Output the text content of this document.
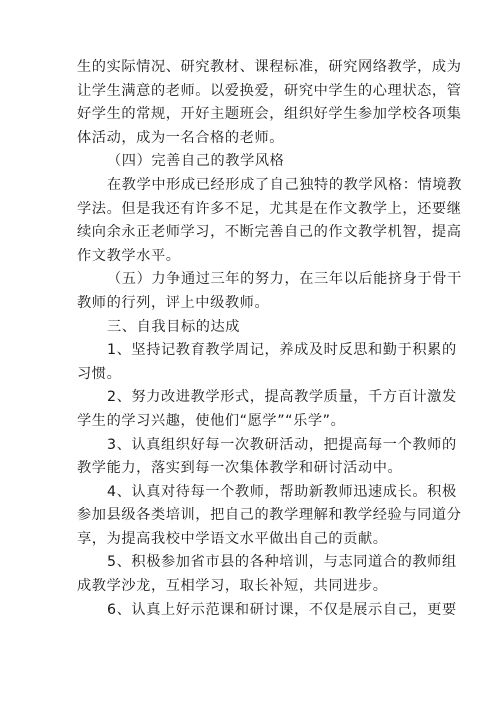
生的实际情况、研究教材、课程标准，研究网络教学，成为
让学生满意的老师。以爱换爱，研究中学生的心理状态，管
好学生的常规，开好主题班会，组织好学生参加学校各项集
体活动，成为一名合格的老师。
（四）完善自己的教学风格
在教学中形成已经形成了自己独特的教学风格：情境教
学法。但是我还有许多不足，尤其是在作文教学上，还要继
续向余永正老师学习，不断完善自己的作文教学机智，提高
作文教学水平。
（五）力争通过三年的努力，在三年以后能挤身于骨干
教师的行列，评上中级教师。
三、自我目标的达成
1、坚持记教育教学周记，养成及时反思和勤于积累的
习惯。
2、努力改进教学形式，提高教学质量，千方百计激发
学生的学习兴趣，使他们“愿学”“乐学”。
3、认真组织好每一次教研活动，把提高每一个教师的
教学能力，落实到每一次集体教学和研讨活动中。
4、认真对待每一个教师，帮助新教师迅速成长。积极
参加县级各类培训，把自己的教学理解和教学经验与同道分
享，为提高我校中学语文水平做出自己的贡献。
5、积极参加省市县的各种培训，与志同道合的教师组
成教学沙龙，互相学习，取长补短，共同进步。
6、认真上好示范课和研讨课，不仅是展示自己，更要
